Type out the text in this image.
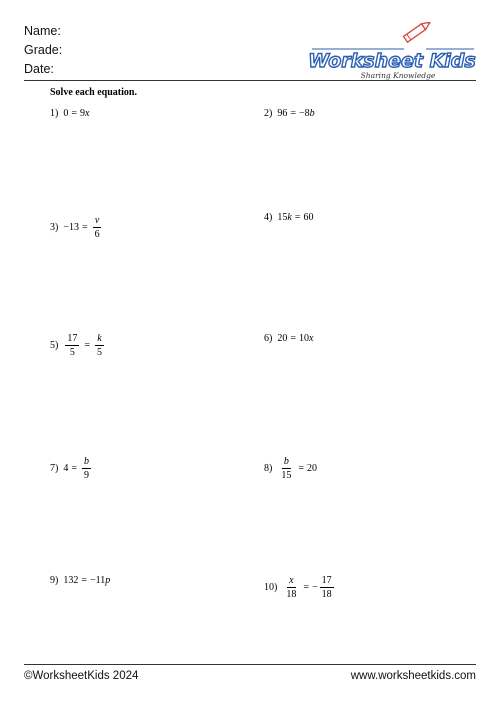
Name:
Grade:
Date:	Worksheet Kids
Sharing Knowledge
Solve each equation.
1) 0 = 9 x	2) 96 = −8 b
$3) -13 = \frac{v}{6}$	4) 15 k = 60
$5) \frac{17}{5} = \frac{k}{5}$	6) 20 = 10 x
7) $4 = \frac{b}{9}$	$8) \frac{b}{15} = 20$
9) 132 = −11 p
$10) \frac{x}{18}$ = − $\frac{17}{18}$
©WorksheetKids 2024	www.worksheetkids.com
